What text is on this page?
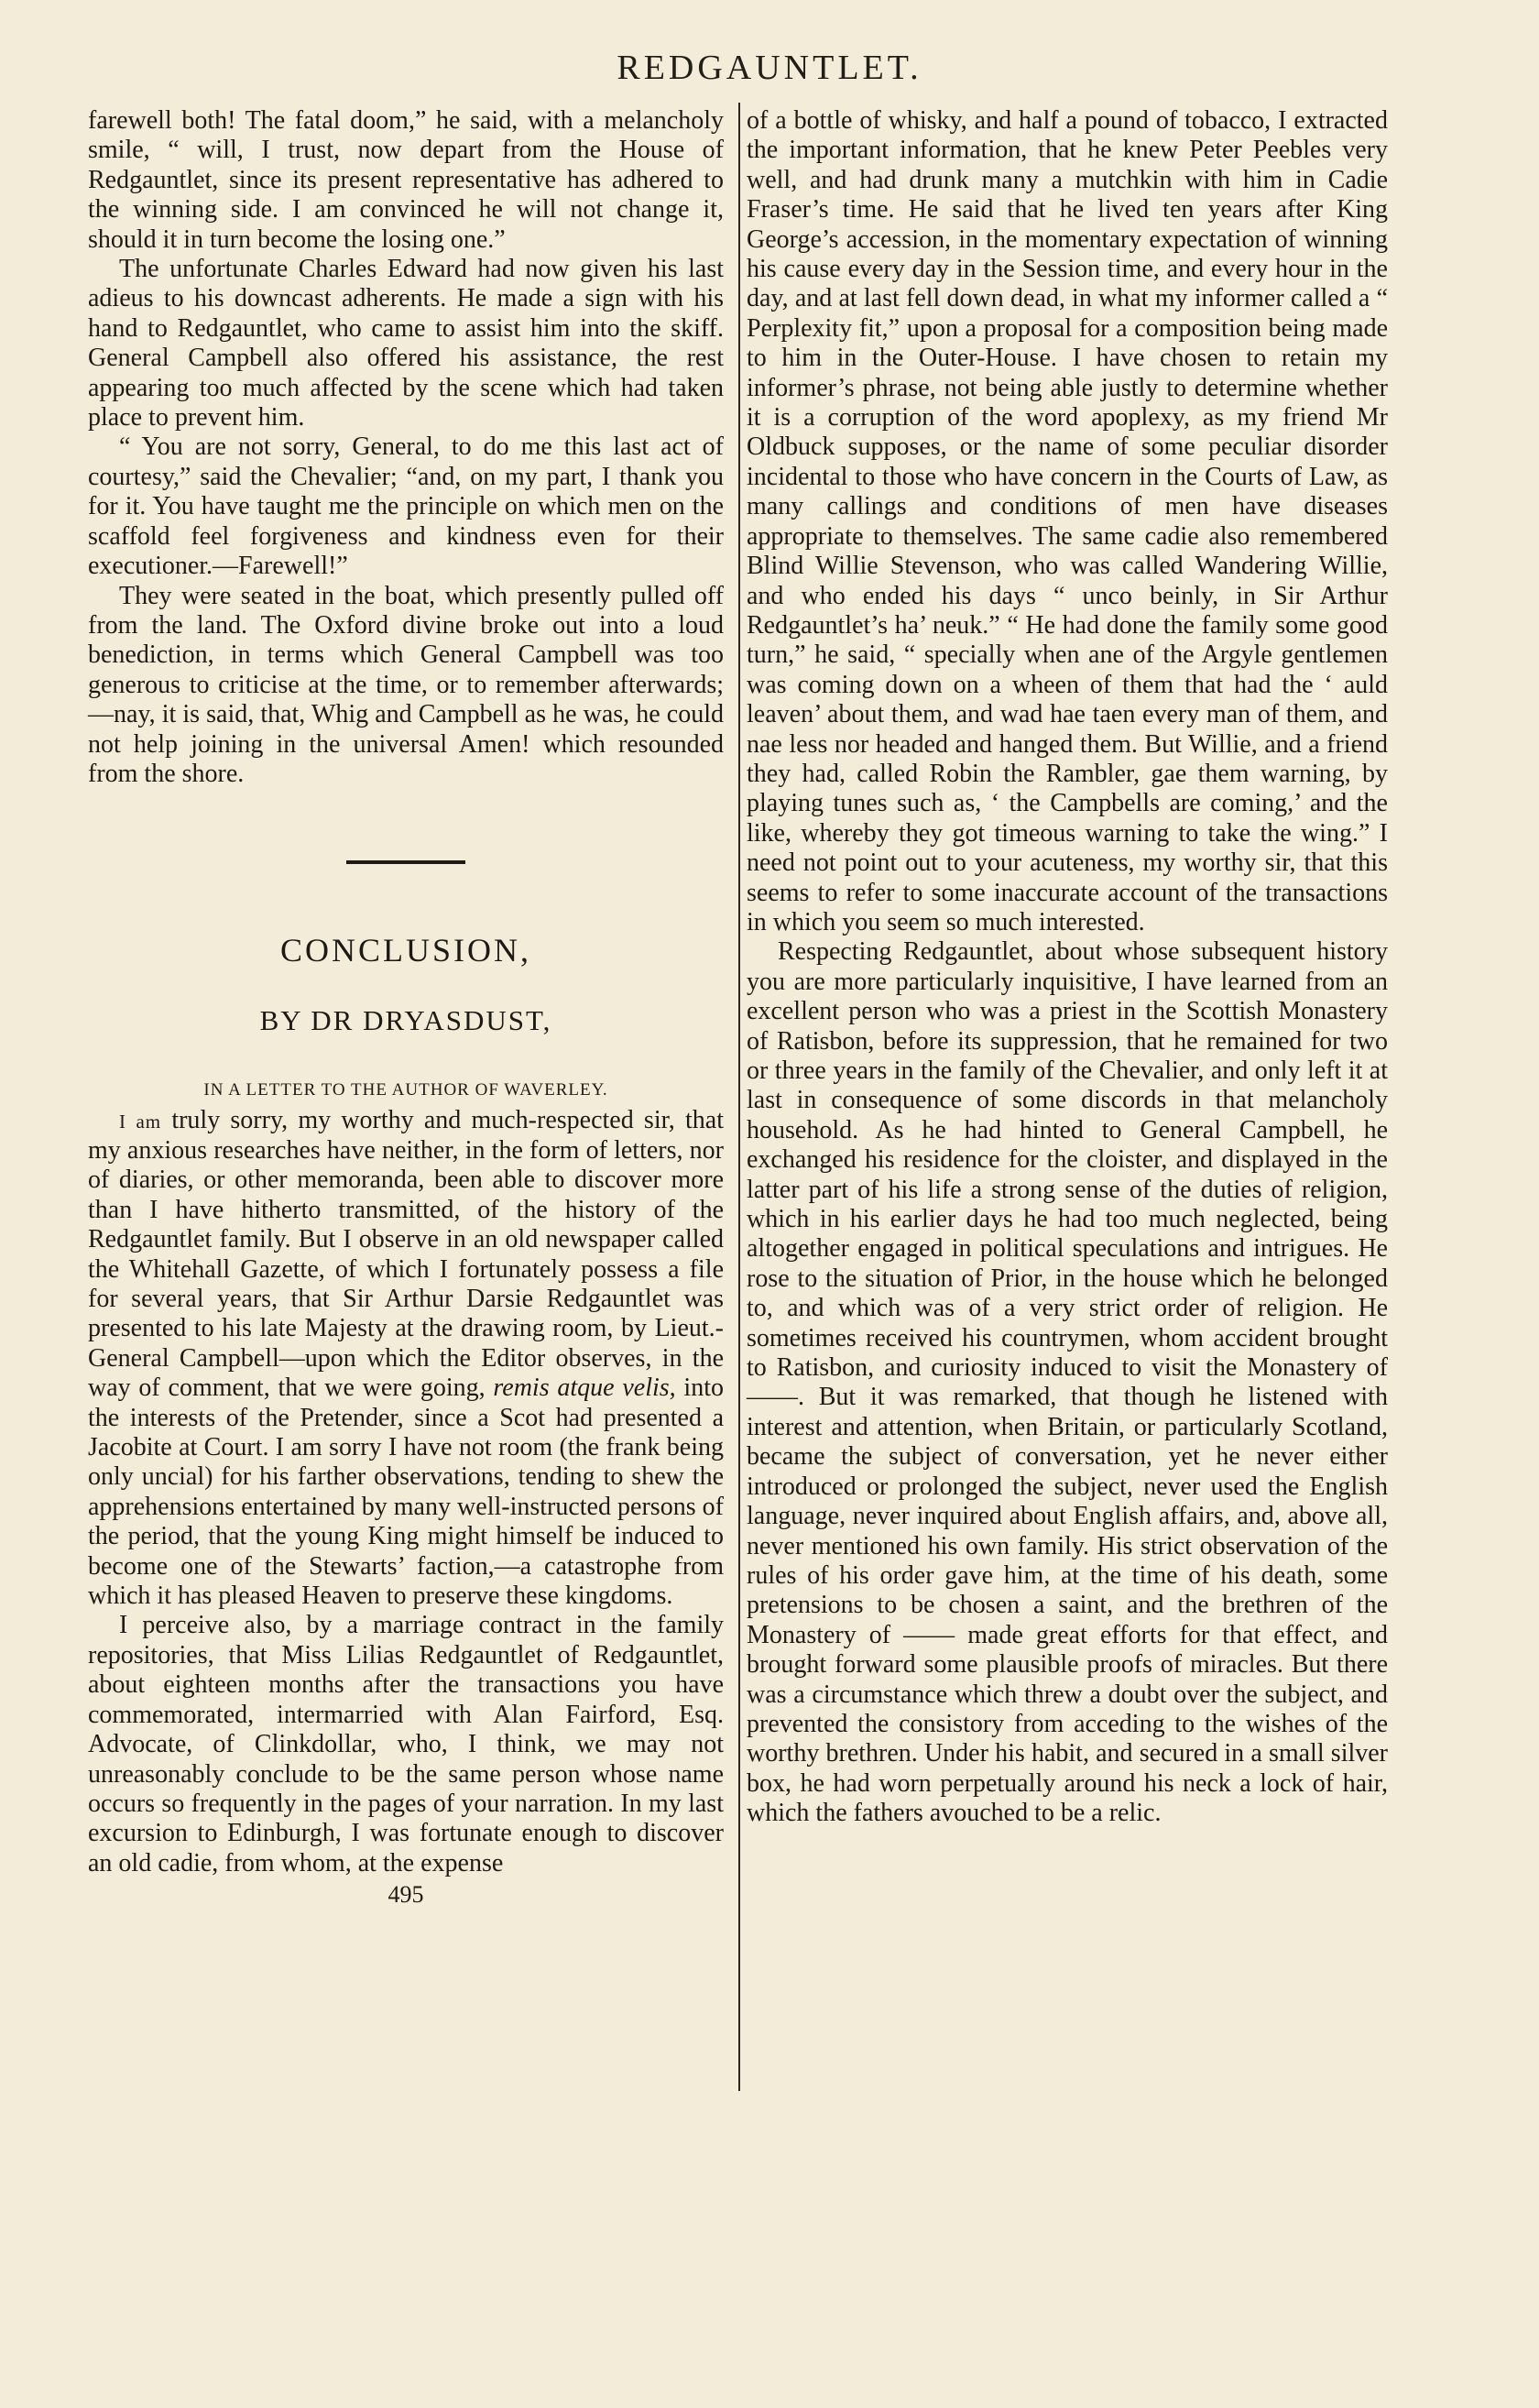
REDGAUNTLET.

farewell both! The fatal doom,” he said, with a melancholy smile, “ will, I trust, now depart from the House of Redgauntlet, since its present representative has adhered to the winning side. I am convinced he will not change it, should it in turn become the losing one.”

The unfortunate Charles Edward had now given his last adieus to his downcast adherents. He made a sign with his hand to Redgauntlet, who came to assist him into the skiff. General Campbell also offered his assistance, the rest appearing too much affected by the scene which had taken place to prevent him.

“ You are not sorry, General, to do me this last act of courtesy,” said the Chevalier; “and, on my part, I thank you for it. You have taught me the principle on which men on the scaffold feel forgiveness and kindness even for their executioner.—Farewell!”

They were seated in the boat, which presently pulled off from the land. The Oxford divine broke out into a loud benediction, in terms which General Campbell was too generous to criticise at the time, or to remember afterwards;—nay, it is said, that, Whig and Campbell as he was, he could not help joining in the universal Amen! which resounded from the shore.

CONCLUSION,
BY DR DRYASDUST,
IN A LETTER TO THE AUTHOR OF WAVERLEY.

I am truly sorry, my worthy and much-respected sir, that my anxious researches have neither, in the form of letters, nor of diaries, or other memoranda, been able to discover more than I have hitherto transmitted, of the history of the Redgauntlet family. But I observe in an old newspaper called the Whitehall Gazette, of which I fortunately possess a file for several years, that Sir Arthur Darsie Redgauntlet was presented to his late Majesty at the drawing room, by Lieut.-General Campbell—upon which the Editor observes, in the way of comment, that we were going, remis atque velis, into the interests of the Pretender, since a Scot had presented a Jacobite at Court. I am sorry I have not room (the frank being only uncial) for his farther observations, tending to shew the apprehensions entertained by many well-instructed persons of the period, that the young King might himself be induced to become one of the Stewarts’ faction,—a catastrophe from which it has pleased Heaven to preserve these kingdoms.

I perceive also, by a marriage contract in the family repositories, that Miss Lilias Redgauntlet of Redgauntlet, about eighteen months after the transactions you have commemorated, intermarried with Alan Fairford, Esq. Advocate, of Clinkdollar, who, I think, we may not unreasonably conclude to be the same person whose name occurs so frequently in the pages of your narration. In my last excursion to Edinburgh, I was fortunate enough to discover an old cadie, from whom, at the expense

495

of a bottle of whisky, and half a pound of tobacco, I extracted the important information, that he knew Peter Peebles very well, and had drunk many a mutchkin with him in Cadie Fraser’s time. He said that he lived ten years after King George’s accession, in the momentary expectation of winning his cause every day in the Session time, and every hour in the day, and at last fell down dead, in what my informer called a “ Perplexity fit,” upon a proposal for a composition being made to him in the Outer-House. I have chosen to retain my informer’s phrase, not being able justly to determine whether it is a corruption of the word apoplexy, as my friend Mr Oldbuck supposes, or the name of some peculiar disorder incidental to those who have concern in the Courts of Law, as many callings and conditions of men have diseases appropriate to themselves. The same cadie also remembered Blind Willie Stevenson, who was called Wandering Willie, and who ended his days “ unco beinly, in Sir Arthur Redgauntlet’s ha’ neuk.” “ He had done the family some good turn,” he said, “ specially when ane of the Argyle gentlemen was coming down on a wheen of them that had the ‘ auld leaven’ about them, and wad hae taen every man of them, and nae less nor headed and hanged them. But Willie, and a friend they had, called Robin the Rambler, gae them warning, by playing tunes such as, ‘ the Campbells are coming,’ and the like, whereby they got timeous warning to take the wing.” I need not point out to your acuteness, my worthy sir, that this seems to refer to some inaccurate account of the transactions in which you seem so much interested.

Respecting Redgauntlet, about whose subsequent history you are more particularly inquisitive, I have learned from an excellent person who was a priest in the Scottish Monastery of Ratisbon, before its suppression, that he remained for two or three years in the family of the Chevalier, and only left it at last in consequence of some discords in that melancholy household. As he had hinted to General Campbell, he exchanged his residence for the cloister, and displayed in the latter part of his life a strong sense of the duties of religion, which in his earlier days he had too much neglected, being altogether engaged in political speculations and intrigues. He rose to the situation of Prior, in the house which he belonged to, and which was of a very strict order of religion. He sometimes received his countrymen, whom accident brought to Ratisbon, and curiosity induced to visit the Monastery of ——. But it was remarked, that though he listened with interest and attention, when Britain, or particularly Scotland, became the subject of conversation, yet he never either introduced or prolonged the subject, never used the English language, never inquired about English affairs, and, above all, never mentioned his own family. His strict observation of the rules of his order gave him, at the time of his death, some pretensions to be chosen a saint, and the brethren of the Monastery of —— made great efforts for that effect, and brought forward some plausible proofs of miracles. But there was a circumstance which threw a doubt over the subject, and prevented the consistory from acceding to the wishes of the worthy brethren. Under his habit, and secured in a small silver box, he had worn perpetually around his neck a lock of hair, which the fathers avouched to be a relic.
